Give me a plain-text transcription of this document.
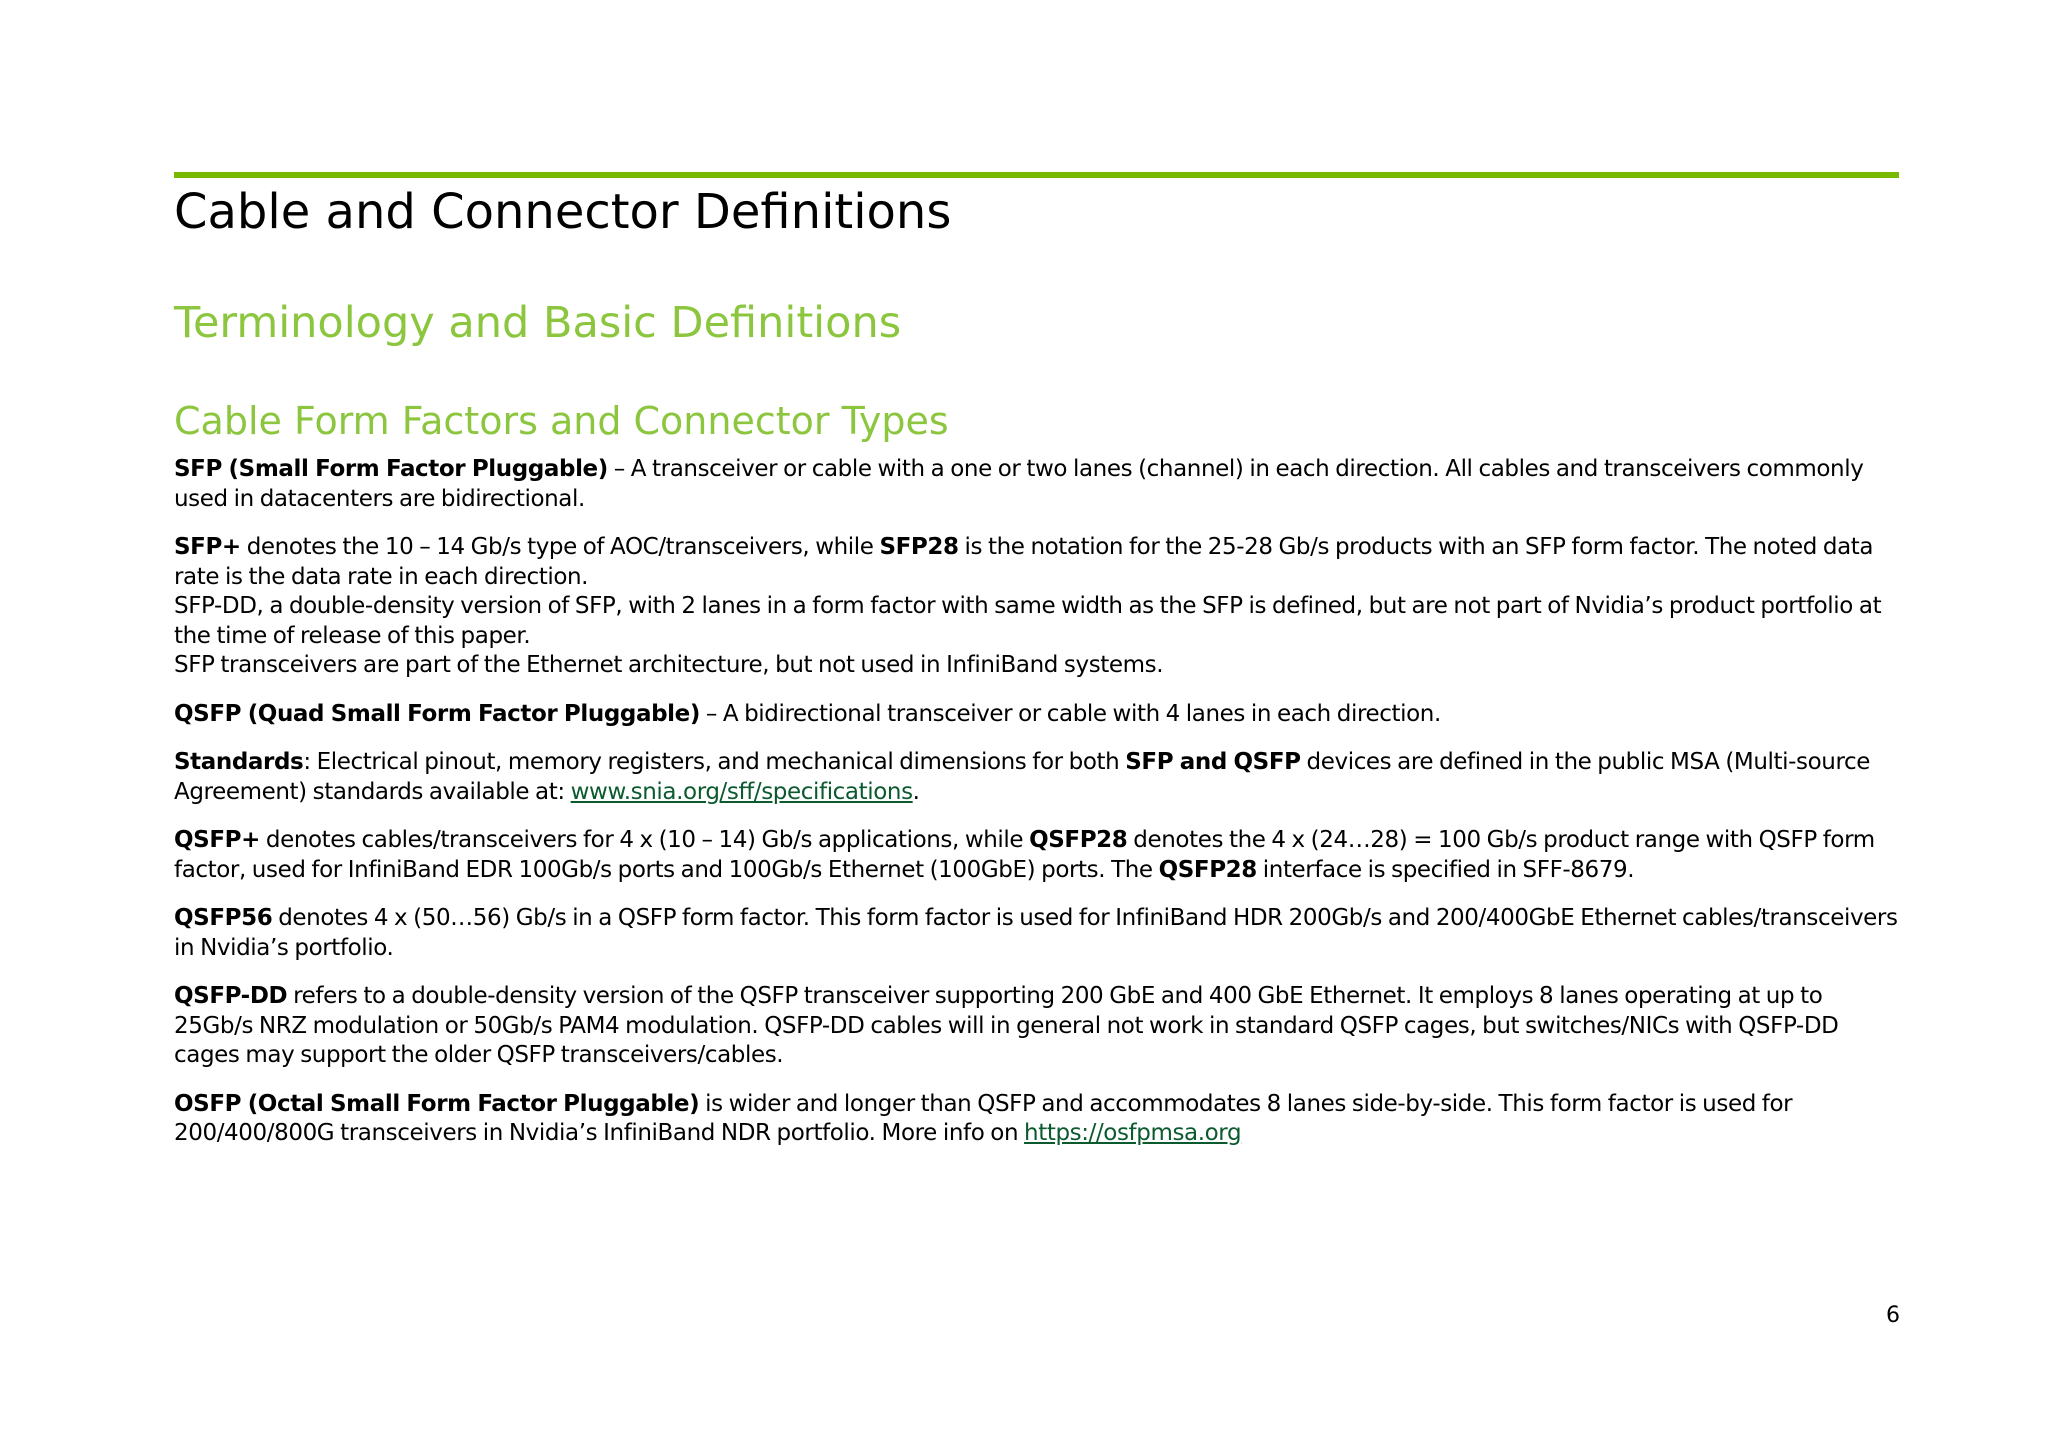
Cable and Connector Definitions
Terminology and Basic Definitions
Cable Form Factors and Connector Types

SFP (Small Form Factor Pluggable) – A transceiver or cable with a one or two lanes (channel) in each direction. All cables and transceivers commonly used in datacenters are bidirectional.

SFP+ denotes the 10 – 14 Gb/s type of AOC/transceivers, while SFP28 is the notation for the 25-28 Gb/s products with an SFP form factor. The noted data rate is the data rate in each direction.

SFP-DD, a double-density version of SFP, with 2 lanes in a form factor with same width as the SFP is defined, but are not part of Nvidia’s product portfolio at the time of release of this paper.

SFP transceivers are part of the Ethernet architecture, but not used in InfiniBand systems.

QSFP (Quad Small Form Factor Pluggable) – A bidirectional transceiver or cable with 4 lanes in each direction.

Standards: Electrical pinout, memory registers, and mechanical dimensions for both SFP and QSFP devices are defined in the public MSA (Multi-source Agreement) standards available at: www.snia.org/sff/specifications.

QSFP+ denotes cables/transceivers for 4 x (10 – 14) Gb/s applications, while QSFP28 denotes the 4 x (24…28) = 100 Gb/s product range with QSFP form factor, used for InfiniBand EDR 100Gb/s ports and 100Gb/s Ethernet (100GbE) ports. The QSFP28 interface is specified in SFF-8679.

QSFP56 denotes 4 x (50…56) Gb/s in a QSFP form factor. This form factor is used for InfiniBand HDR 200Gb/s and 200/400GbE Ethernet cables/transceivers in Nvidia’s portfolio.

QSFP-DD refers to a double-density version of the QSFP transceiver supporting 200 GbE and 400 GbE Ethernet. It employs 8 lanes operating at up to 25Gb/s NRZ modulation or 50Gb/s PAM4 modulation. QSFP-DD cables will in general not work in standard QSFP cages, but switches/NICs with QSFP-DD cages may support the older QSFP transceivers/cables.

OSFP (Octal Small Form Factor Pluggable) is wider and longer than QSFP and accommodates 8 lanes side-by-side. This form factor is used for 200/400/800G transceivers in Nvidia’s InfiniBand NDR portfolio. More info on https://osfpmsa.org

6
